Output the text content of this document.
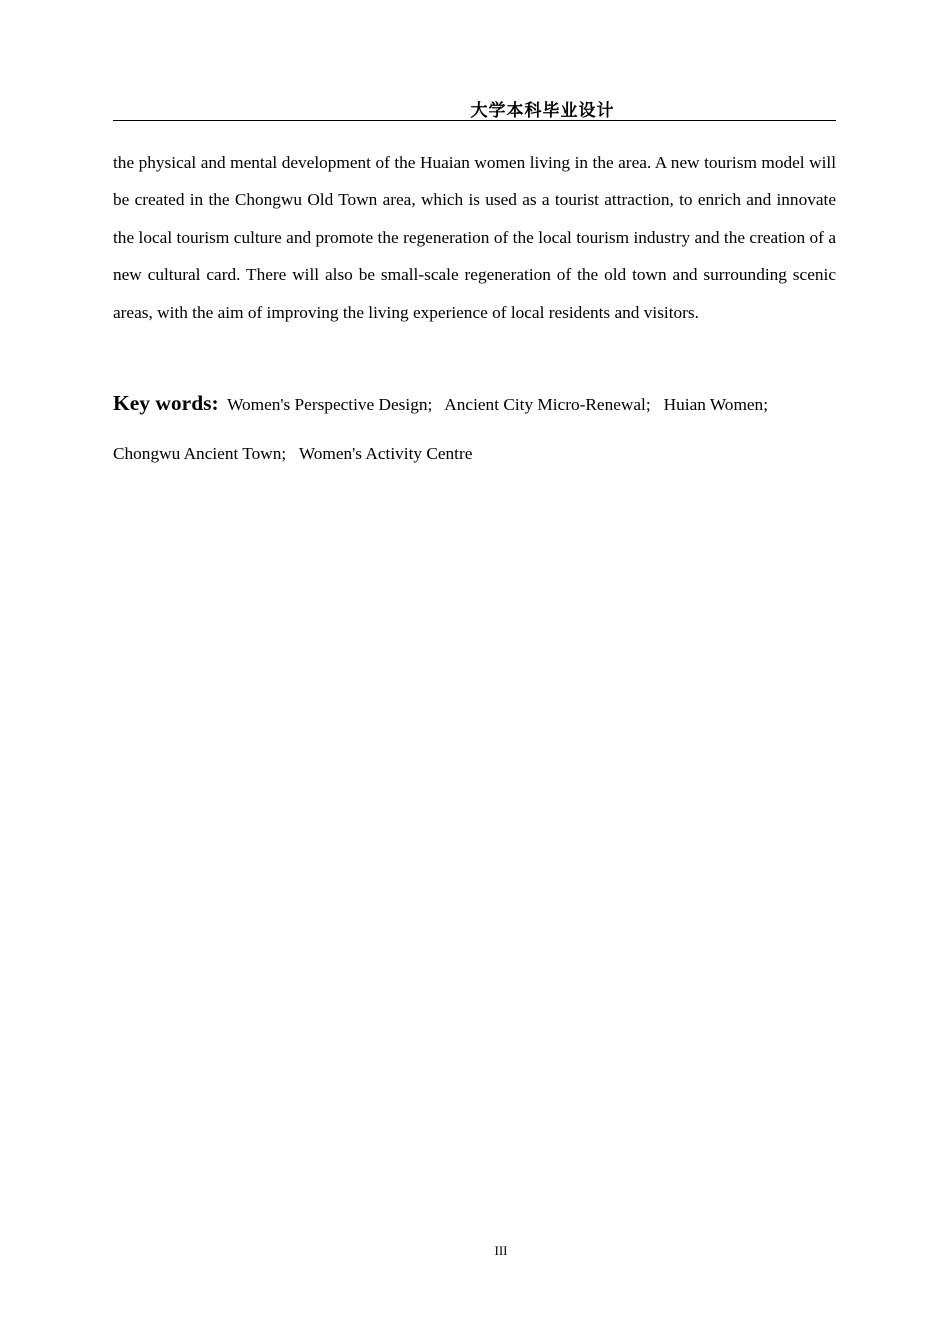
大学本科毕业设计

the physical and mental development of the Huaian women living in the area. A new tourism model will be created in the Chongwu Old Town area, which is used as a tourist attraction, to enrich and innovate the local tourism culture and promote the regeneration of the local tourism industry and the creation of a new cultural card. There will also be small-scale regeneration of the old town and surrounding scenic areas, with the aim of improving the living experience of local residents and visitors.

Key words: Women's Perspective Design; Ancient City Micro-Renewal; Huian Women; Chongwu Ancient Town; Women's Activity Centre

III
